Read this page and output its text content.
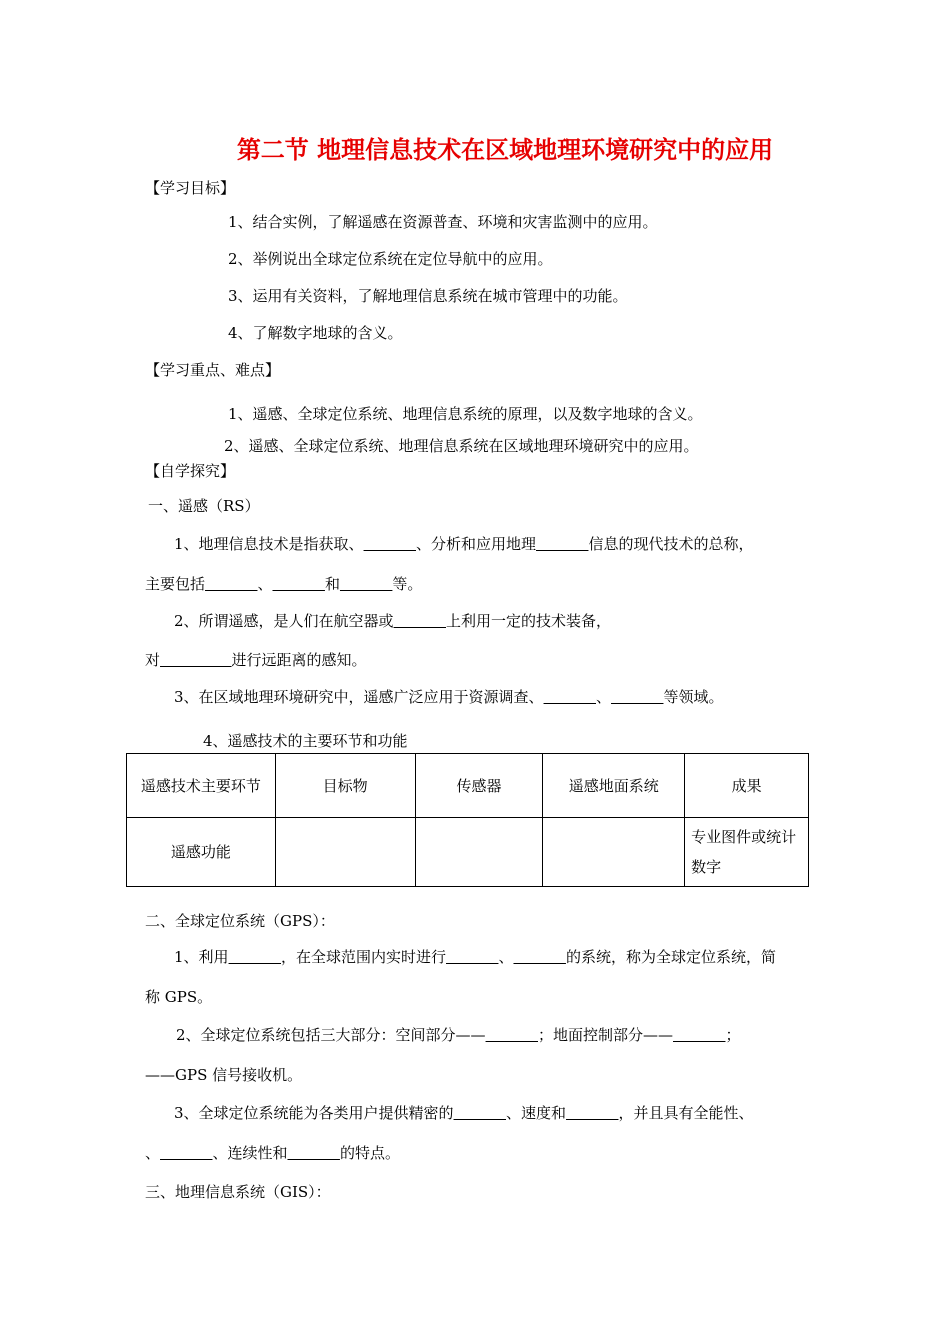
第二节 地理信息技术在区域地理环境研究中的应用
【学习目标】
1、结合实例，了解遥感在资源普查、环境和灾害监测中的应用。
2、举例说出全球定位系统在定位导航中的应用。
3、运用有关资料，了解地理信息系统在城市管理中的功能。
4、了解数字地球的含义。
【学习重点、难点】
1、遥感、全球定位系统、地理信息系统的原理，以及数字地球的含义。
2、遥感、全球定位系统、地理信息系统在区域地理环境研究中的应用。
【自学探究】
一、遥感（RS）
1、地理信息技术是指获取、	、分析和应用地理	信息的现代技术的总称，
主要包括	、	和	等。
2、所谓遥感，是人们在航空器或	上利用一定的技术装备，
对	进行远距离的感知。
3、在区域地理环境研究中，遥感广泛应用于资源调查、	、	等领域。
4、遥感技术的主要环节和功能
遥感技术主要环节	目标物	传感器	遥感地面系统	成果
遥感功能				专业图件或统计数字
二、全球定位系统（GPS）：
1、利用	，在全球范围内实时进行	、	的系统，称为全球定位系统，简
称 GPS。
2、全球定位系统包括三大部分：空间部分——	；地面控制部分——	；
——GPS 信号接收机。
3、全球定位系统能为各类用户提供精密的	、速度和	，并且具有全能性、
、	、连续性和	的特点。
三、地理信息系统（GIS）：
